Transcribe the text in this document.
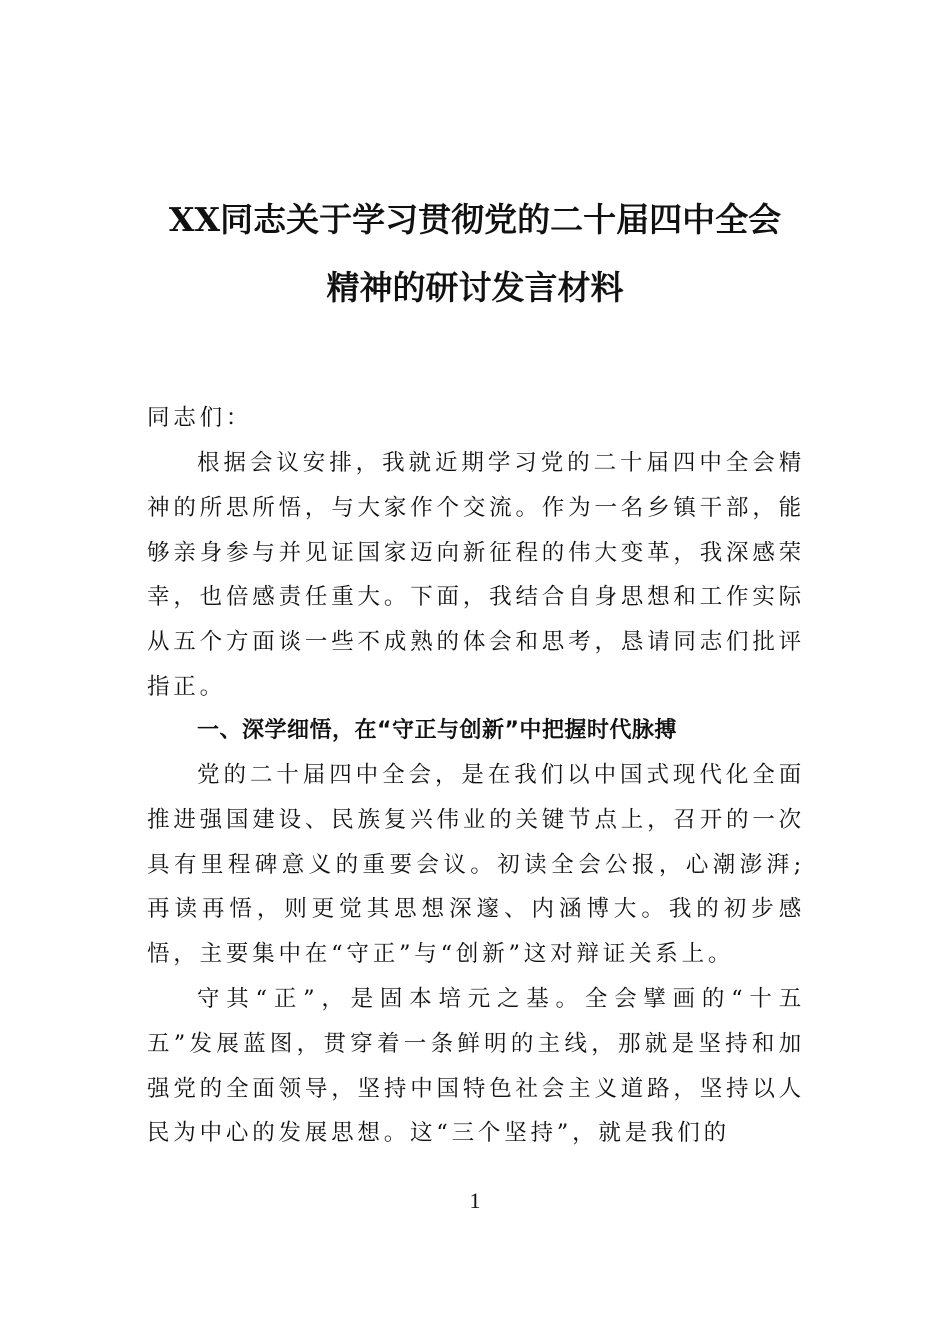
XX同志关于学习贯彻党的二十届四中全会
精神的研讨发言材料

同志们：

根据会议安排，我就近期学习党的二十届四中全会精神的所思所悟，与大家作个交流。作为一名乡镇干部，能够亲身参与并见证国家迈向新征程的伟大变革，我深感荣幸，也倍感责任重大。下面，我结合自身思想和工作实际从五个方面谈一些不成熟的体会和思考，恳请同志们批评指正。

一、深学细悟，在“守正与创新”中把握时代脉搏

党的二十届四中全会，是在我们以中国式现代化全面推进强国建设、民族复兴伟业的关键节点上，召开的一次具有里程碑意义的重要会议。初读全会公报，心潮澎湃;再读再悟，则更觉其思想深邃、内涵博大。我的初步感悟，主要集中在“守正”与“创新”这对辩证关系上。

守其“正”，是固本培元之基。全会擘画的“十五五”发展蓝图，贯穿着一条鲜明的主线，那就是坚持和加强党的全面领导，坚持中国特色社会主义道路，坚持以人民为中心的发展思想。这“三个坚持”，就是我们的

1
